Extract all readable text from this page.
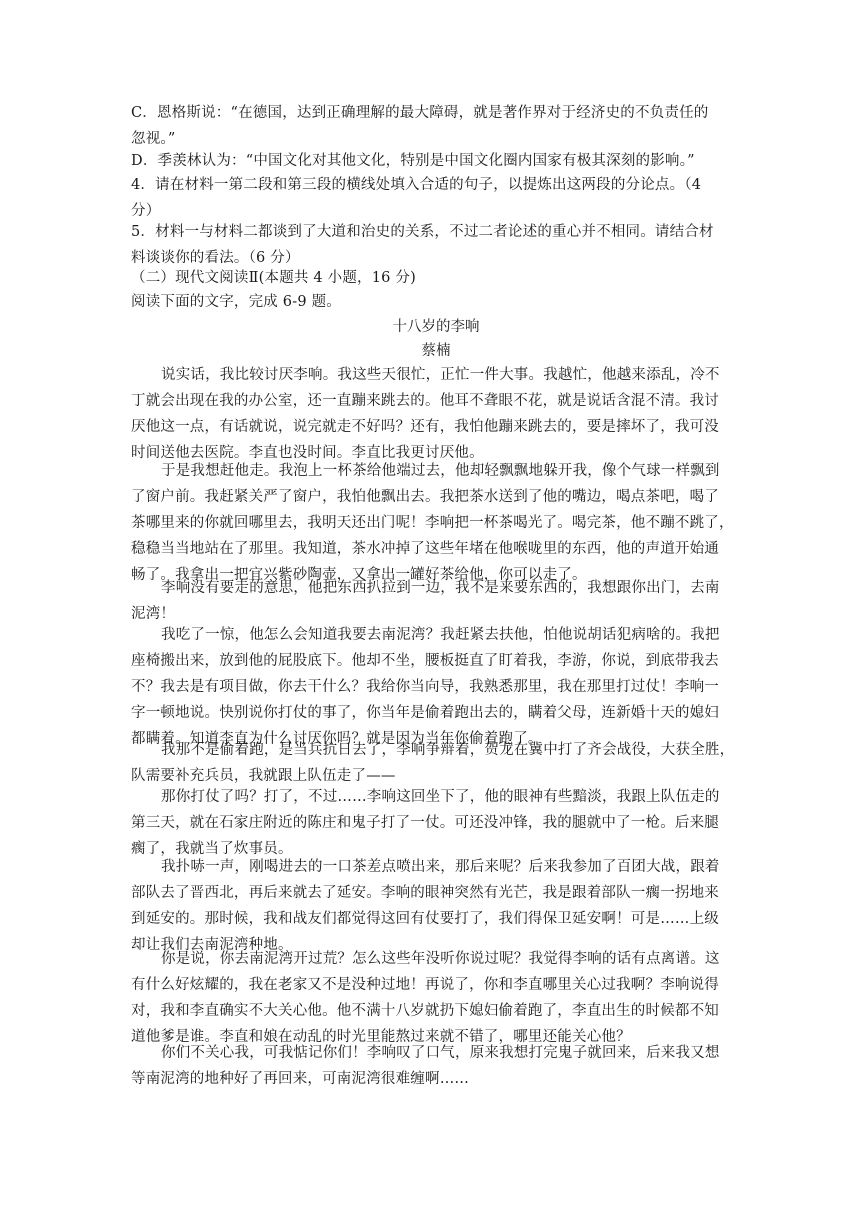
C．恩格斯说：“在德国，达到正确理解的最大障碍，就是著作界对于经济史的不负责任的
忽视。”
D．季羡林认为：“中国文化对其他文化，特别是中国文化圈内国家有极其深刻的影响。”
4．请在材料一第二段和第三段的横线处填入合适的句子，以提炼出这两段的分论点。（4
分）
5．材料一与材料二都谈到了大道和治史的关系，不过二者论述的重心并不相同。请结合材
料谈谈你的看法。（6 分）
（二）现代文阅读Ⅱ(本题共 4 小题，16 分)
阅读下面的文字，完成 6-9 题。
十八岁的李响
蔡楠
说实话，我比较讨厌李响。我这些天很忙，正忙一件大事。我越忙，他越来添乱，冷不
丁就会出现在我的办公室，还一直蹦来跳去的。他耳不聋眼不花，就是说话含混不清。我讨
厌他这一点，有话就说，说完就走不好吗？还有，我怕他蹦来跳去的，要是摔坏了，我可没
时间送他去医院。李直也没时间。李直比我更讨厌他。
于是我想赶他走。我泡上一杯茶给他端过去，他却轻飘飘地躲开我，像个气球一样飘到
了窗户前。我赶紧关严了窗户，我怕他飘出去。我把茶水送到了他的嘴边，喝点茶吧，喝了
茶哪里来的你就回哪里去，我明天还出门呢！李响把一杯茶喝光了。喝完茶，他不蹦不跳了，
稳稳当当地站在了那里。我知道，茶水冲掉了这些年堵在他喉咙里的东西，他的声道开始通
畅了。我拿出一把宜兴紫砂陶壶，又拿出一罐好茶给他，你可以走了。
李响没有要走的意思，他把东西扒拉到一边，我不是来要东西的，我想跟你出门，去南
泥湾！
我吃了一惊，他怎么会知道我要去南泥湾？我赶紧去扶他，怕他说胡话犯病啥的。我把
座椅搬出来，放到他的屁股底下。他却不坐，腰板挺直了盯着我，李游，你说，到底带我去
不？我去是有项目做，你去干什么？我给你当向导，我熟悉那里，我在那里打过仗！李响一
字一顿地说。快别说你打仗的事了，你当年是偷着跑出去的，瞒着父母，连新婚十天的媳妇
都瞒着。知道李直为什么讨厌你吗？就是因为当年你偷着跑了。
我那不是偷着跑，是当兵抗日去了，李响争辩着，贺龙在冀中打了齐会战役，大获全胜，
队需要补充兵员，我就跟上队伍走了——
那你打仗了吗？打了，不过……李响这回坐下了，他的眼神有些黯淡，我跟上队伍走的
第三天，就在石家庄附近的陈庄和鬼子打了一仗。可还没冲锋，我的腿就中了一枪。后来腿
瘸了，我就当了炊事员。
我扑哧一声，刚喝进去的一口茶差点喷出来，那后来呢？后来我参加了百团大战，跟着
部队去了晋西北，再后来就去了延安。李响的眼神突然有光芒，我是跟着部队一瘸一拐地来
到延安的。那时候，我和战友们都觉得这回有仗要打了，我们得保卫延安啊！可是……上级
却让我们去南泥湾种地。
你是说，你去南泥湾开过荒？怎么这些年没听你说过呢？我觉得李响的话有点离谱。这
有什么好炫耀的，我在老家又不是没种过地！再说了，你和李直哪里关心过我啊？李响说得
对，我和李直确实不大关心他。他不满十八岁就扔下媳妇偷着跑了，李直出生的时候都不知
道他爹是谁。李直和娘在动乱的时光里能熬过来就不错了，哪里还能关心他？
你们不关心我，可我惦记你们！李响叹了口气，原来我想打完鬼子就回来，后来我又想
等南泥湾的地种好了再回来，可南泥湾很难缠啊……
